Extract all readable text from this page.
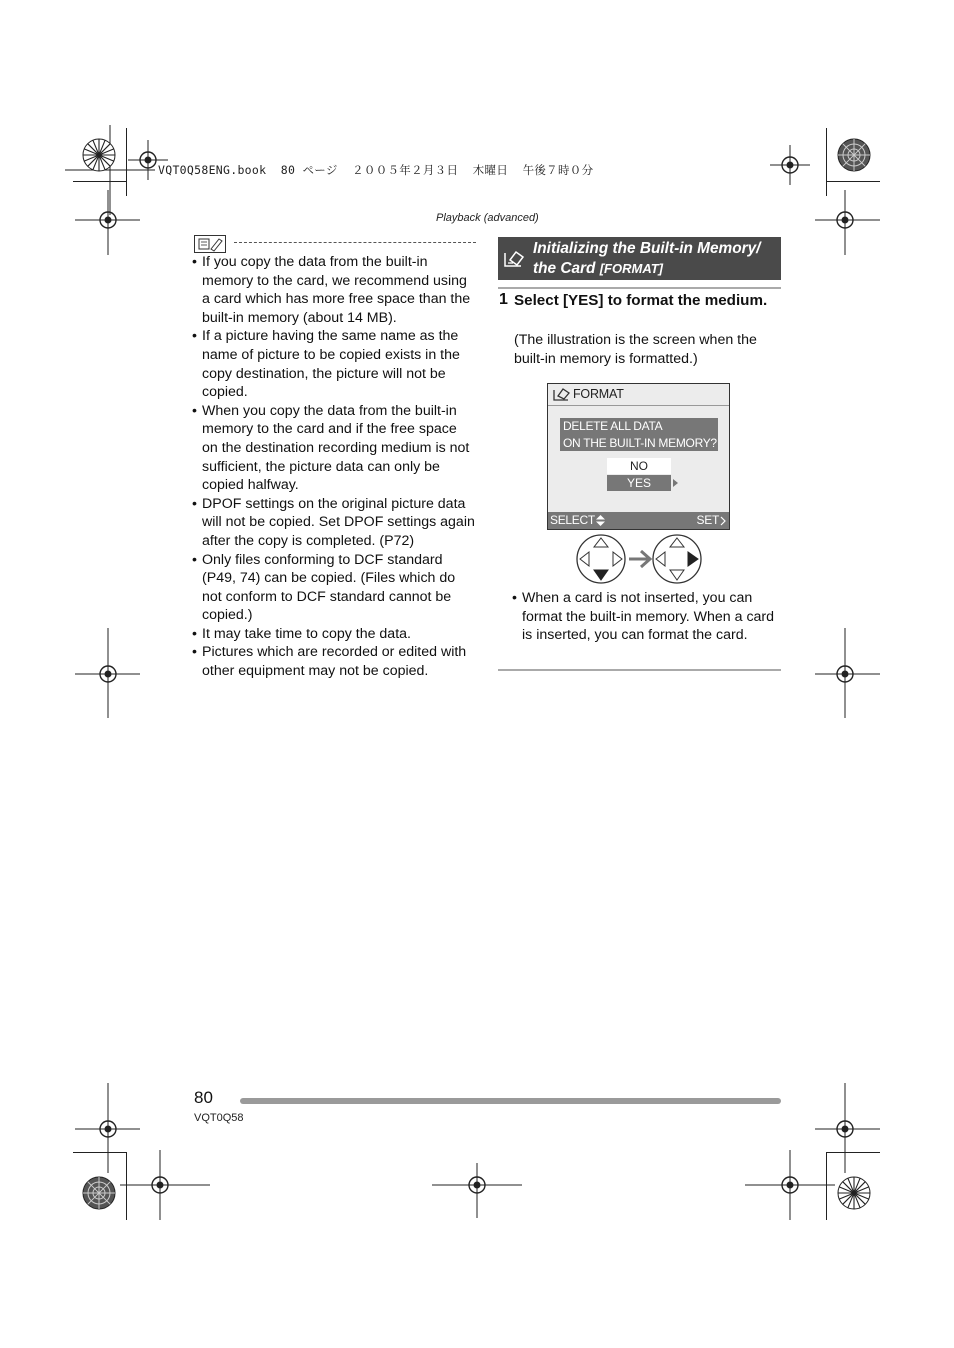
VQT0Q58ENG.book  80 ページ  ２００５年２月３日  木曜日  午後７時０分
Playback (advanced)
• If you copy the data from the built-in memory to the card, we recommend using a card which has more free space than the built-in memory (about 14 MB).
• If a picture having the same name as the name of picture to be copied exists in the copy destination, the picture will not be copied.
• When you copy the data from the built-in memory to the card and if the free space on the destination recording medium is not sufficient, the picture data can only be copied halfway.
• DPOF settings on the original picture data will not be copied. Set DPOF settings again after the copy is completed. (P72)
• Only files conforming to DCF standard (P49, 74) can be copied. (Files which do not conform to DCF standard cannot be copied.)
• It may take time to copy the data.
• Pictures which are recorded or edited with other equipment may not be copied.
Initializing the Built-in Memory/
the Card [FORMAT]
1 Select [YES] to format the medium.
(The illustration is the screen when the built-in memory is formatted.)
FORMAT
DELETE ALL DATA
ON THE BUILT-IN MEMORY?
NO
YES
SELECT	SET
• When a card is not inserted, you can format the built-in memory. When a card is inserted, you can format the card.
80
VQT0Q58
